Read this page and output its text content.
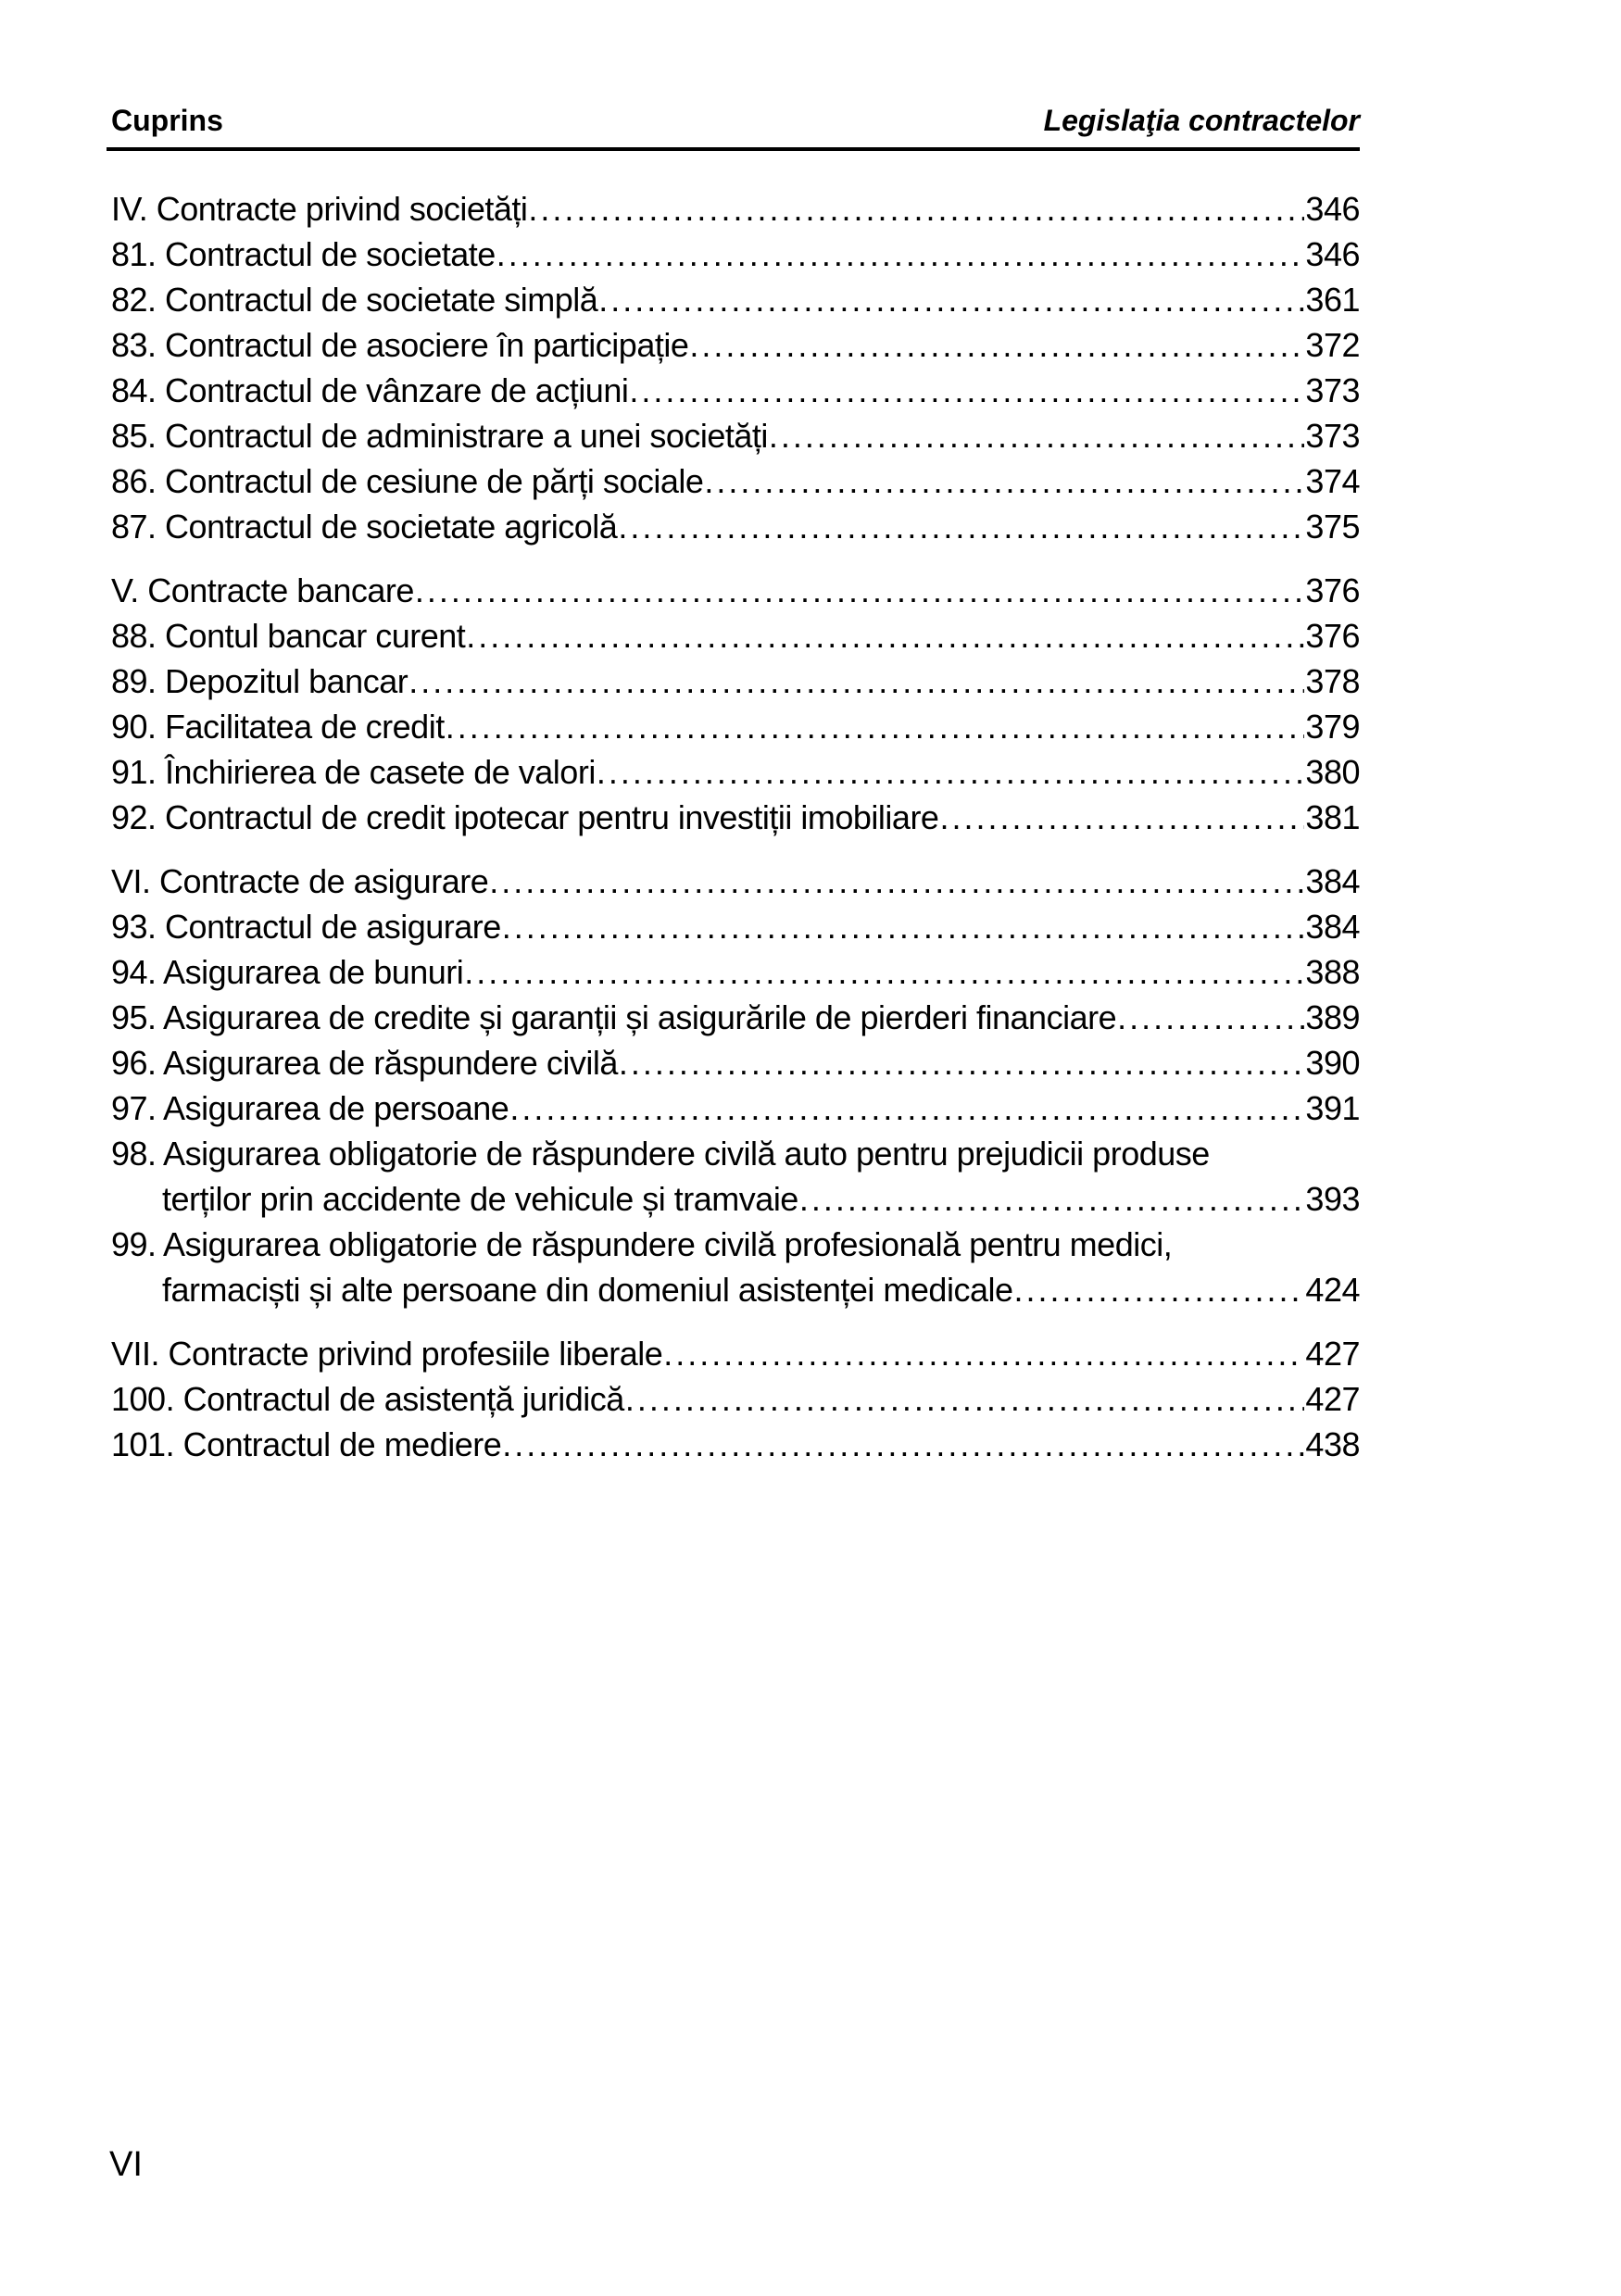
Cuprins	Legislaţia contractelor
IV. Contracte privind societăți .....	346
81. Contractul de societate .....	346
82. Contractul de societate simplă .....	361
83. Contractul de asociere în participație .....	372
84. Contractul de vânzare de acțiuni .....	373
85. Contractul de administrare a unei societăți .....	373
86. Contractul de cesiune de părți sociale .....	374
87. Contractul de societate agricolă .....	375
V. Contracte bancare .....	376
88. Contul bancar curent .....	376
89. Depozitul bancar .....	378
90. Facilitatea de credit .....	379
91. Închirierea de casete de valori .....	380
92. Contractul de credit ipotecar pentru investiții imobiliare .....	381
VI. Contracte de asigurare .....	384
93. Contractul de asigurare .....	384
94. Asigurarea de bunuri .....	388
95. Asigurarea de credite și garanții și asigurările de pierderi financiare .....	389
96. Asigurarea de răspundere civilă .....	390
97. Asigurarea de persoane .....	391
98. Asigurarea obligatorie de răspundere civilă auto pentru prejudicii produse
terților prin accidente de vehicule și tramvaie .....	393
99. Asigurarea obligatorie de răspundere civilă profesională pentru medici,
farmaciști și alte persoane din domeniul asistenței medicale .....	424
VII. Contracte privind profesiile liberale .....	427
100. Contractul de asistență juridică .....	427
101. Contractul de mediere .....	438
VI
